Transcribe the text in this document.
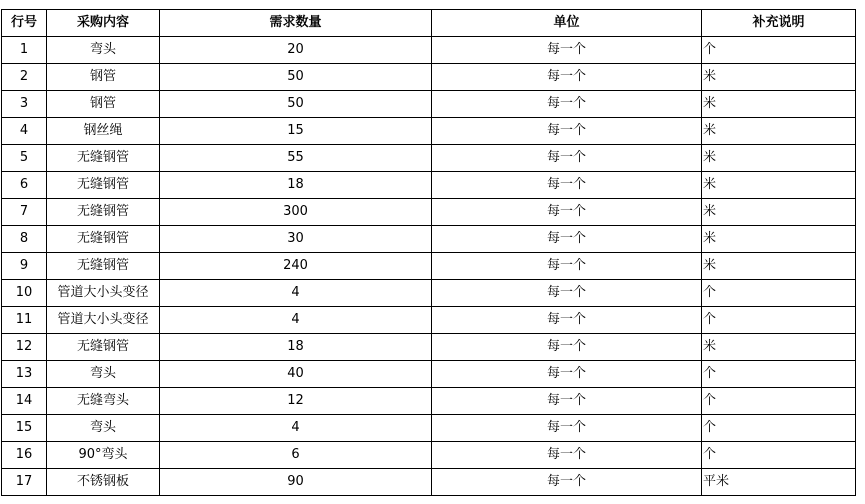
行号	采购内容	需求数量	单位	补充说明
1	弯头	20	每一个	个
2	钢管	50	每一个	米
3	钢管	50	每一个	米
4	钢丝绳	15	每一个	米
5	无缝钢管	55	每一个	米
6	无缝钢管	18	每一个	米
7	无缝钢管	300	每一个	米
8	无缝钢管	30	每一个	米
9	无缝钢管	240	每一个	米
10	管道大小头变径	4	每一个	个
11	管道大小头变径	4	每一个	个
12	无缝钢管	18	每一个	米
13	弯头	40	每一个	个
14	无缝弯头	12	每一个	个
15	弯头	4	每一个	个
16	90°弯头	6	每一个	个
17	不锈钢板	90	每一个	平米
